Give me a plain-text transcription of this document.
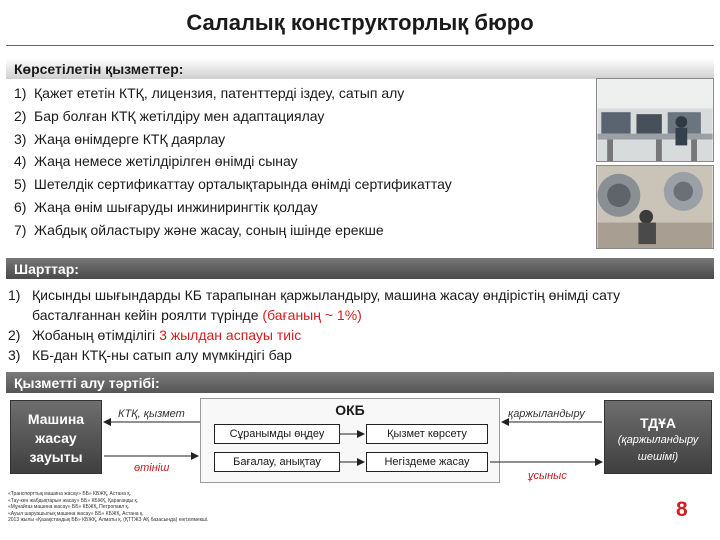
Салалық конструкторлық бюро
Көрсетілетін қызметтер:
1) Қажет ететін КТҚ, лицензия, патенттерді іздеу, сатып алу
2) Бар болған КТҚ жетілдіру мен адаптациялау
3) Жаңа өнімдерге КТҚ даярлау
4) Жаңа немесе жетілдірілген өнімді сынау
5) Шетелдік сертификаттау орталықтарында өнімді сертификаттау
6) Жаңа өнім шығаруды инжинирингтік қолдау
7) Жабдық ойластыру және жасау, соның ішінде ерекше
Шарттар:
1) Қисынды шығындарды КБ тарапынан қаржыландыру, машина жасау өндірістің өнімді сату басталғаннан кейін роялти түрінде (бағаның ~ 1%)
2) Жобаның өтімділігі 3 жылдан аспауы тиіс
3) КБ-дан КТҚ-ны сатып алу мүмкіндігі бар
Қызметті алу тәртібі:
Машина жасау зауыты
ТДҰА
(қаржыландыру шешімі)
ОКБ
Сұранымды өңдеу	Қызмет көрсету
Бағалау, анықтау	Негіздеме жасау
КТҚ, қызмет
өтініш
қаржыландыру
ұсыныс
«Транспорттық машина жасау» ББ» КБЖҚ, Астана қ.
«Тау-кен жабдықтарын жасау» ББ» КБЖҚ, Қарағанды қ.
«Мұнайгаз машина жасау» ББ» КБЖҚ, Петропавл қ.
«Ауыл шаруашылық машина жасау» ББ» КБЖҚ, Астана қ.
2013 жылы «Қазақстандық ББ» КБЖҚ, Алматы қ. (ҚТТЖЗ АҚ базасында) енгізілмекші.	8
